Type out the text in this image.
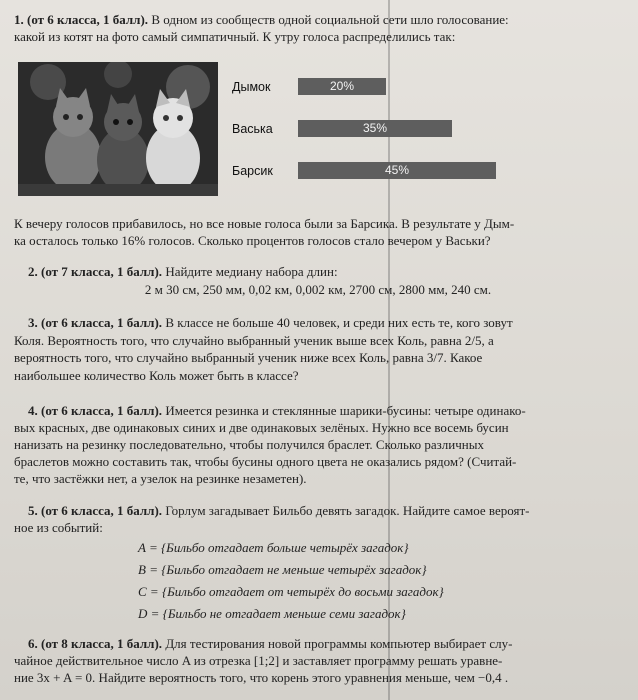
1. (от 6 класса, 1 балл). В одном из сообществ одной социальной сети шло голосование:

какой из котят на фото самый симпатичный. К утру голоса распределились так:

Дымок	20%
Васька	35%
Барсик	45%

К вечеру голосов прибавилось, но все новые голоса были за Барсика. В результате у Дым-

ка осталось только 16% голосов. Сколько процентов голосов стало вечером у Васьки?

2. (от 7 класса, 1 балл). Найдите медиану набора длин:

2 м 30 см, 250 мм, 0,02 км, 0,002 км, 2700 см, 2800 мм, 240 см.

3. (от 6 класса, 1 балл). В классе не больше 40 человек, и среди них есть те, кого зовут

Коля. Вероятность того, что случайно выбранный ученик выше всех Коль, равна 2/5, а

вероятность того, что случайно выбранный ученик ниже всех Коль, равна 3/7. Какое

наибольшее количество Коль может быть в классе?

4. (от 6 класса, 1 балл). Имеется резинка и стеклянные шарики-бусины: четыре одинако-

вых красных, две одинаковых синих и две одинаковых зелёных. Нужно все восемь бусин

нанизать на резинку последовательно, чтобы получился браслет. Сколько различных

браслетов можно составить так, чтобы бусины одного цвета не оказались рядом? (Считай-

те, что застёжки нет, а узелок на резинке незаметен).

5. (от 6 класса, 1 балл). Горлум загадывает Бильбо девять загадок. Найдите самое вероят-

ное из событий:

A = {Бильбо отгадает больше четырёх загадок}
B = {Бильбо отгадает не меньше четырёх загадок}
C = {Бильбо отгадает от четырёх до восьми загадок}
D = {Бильбо не отгадает меньше семи загадок}

6. (от 8 класса, 1 балл). Для тестирования новой программы компьютер выбирает слу-

чайное действительное число A из отрезка [1;2] и заставляет программу решать уравне-

ние 3x + A = 0. Найдите вероятность того, что корень этого уравнения меньше, чем −0,4 .
